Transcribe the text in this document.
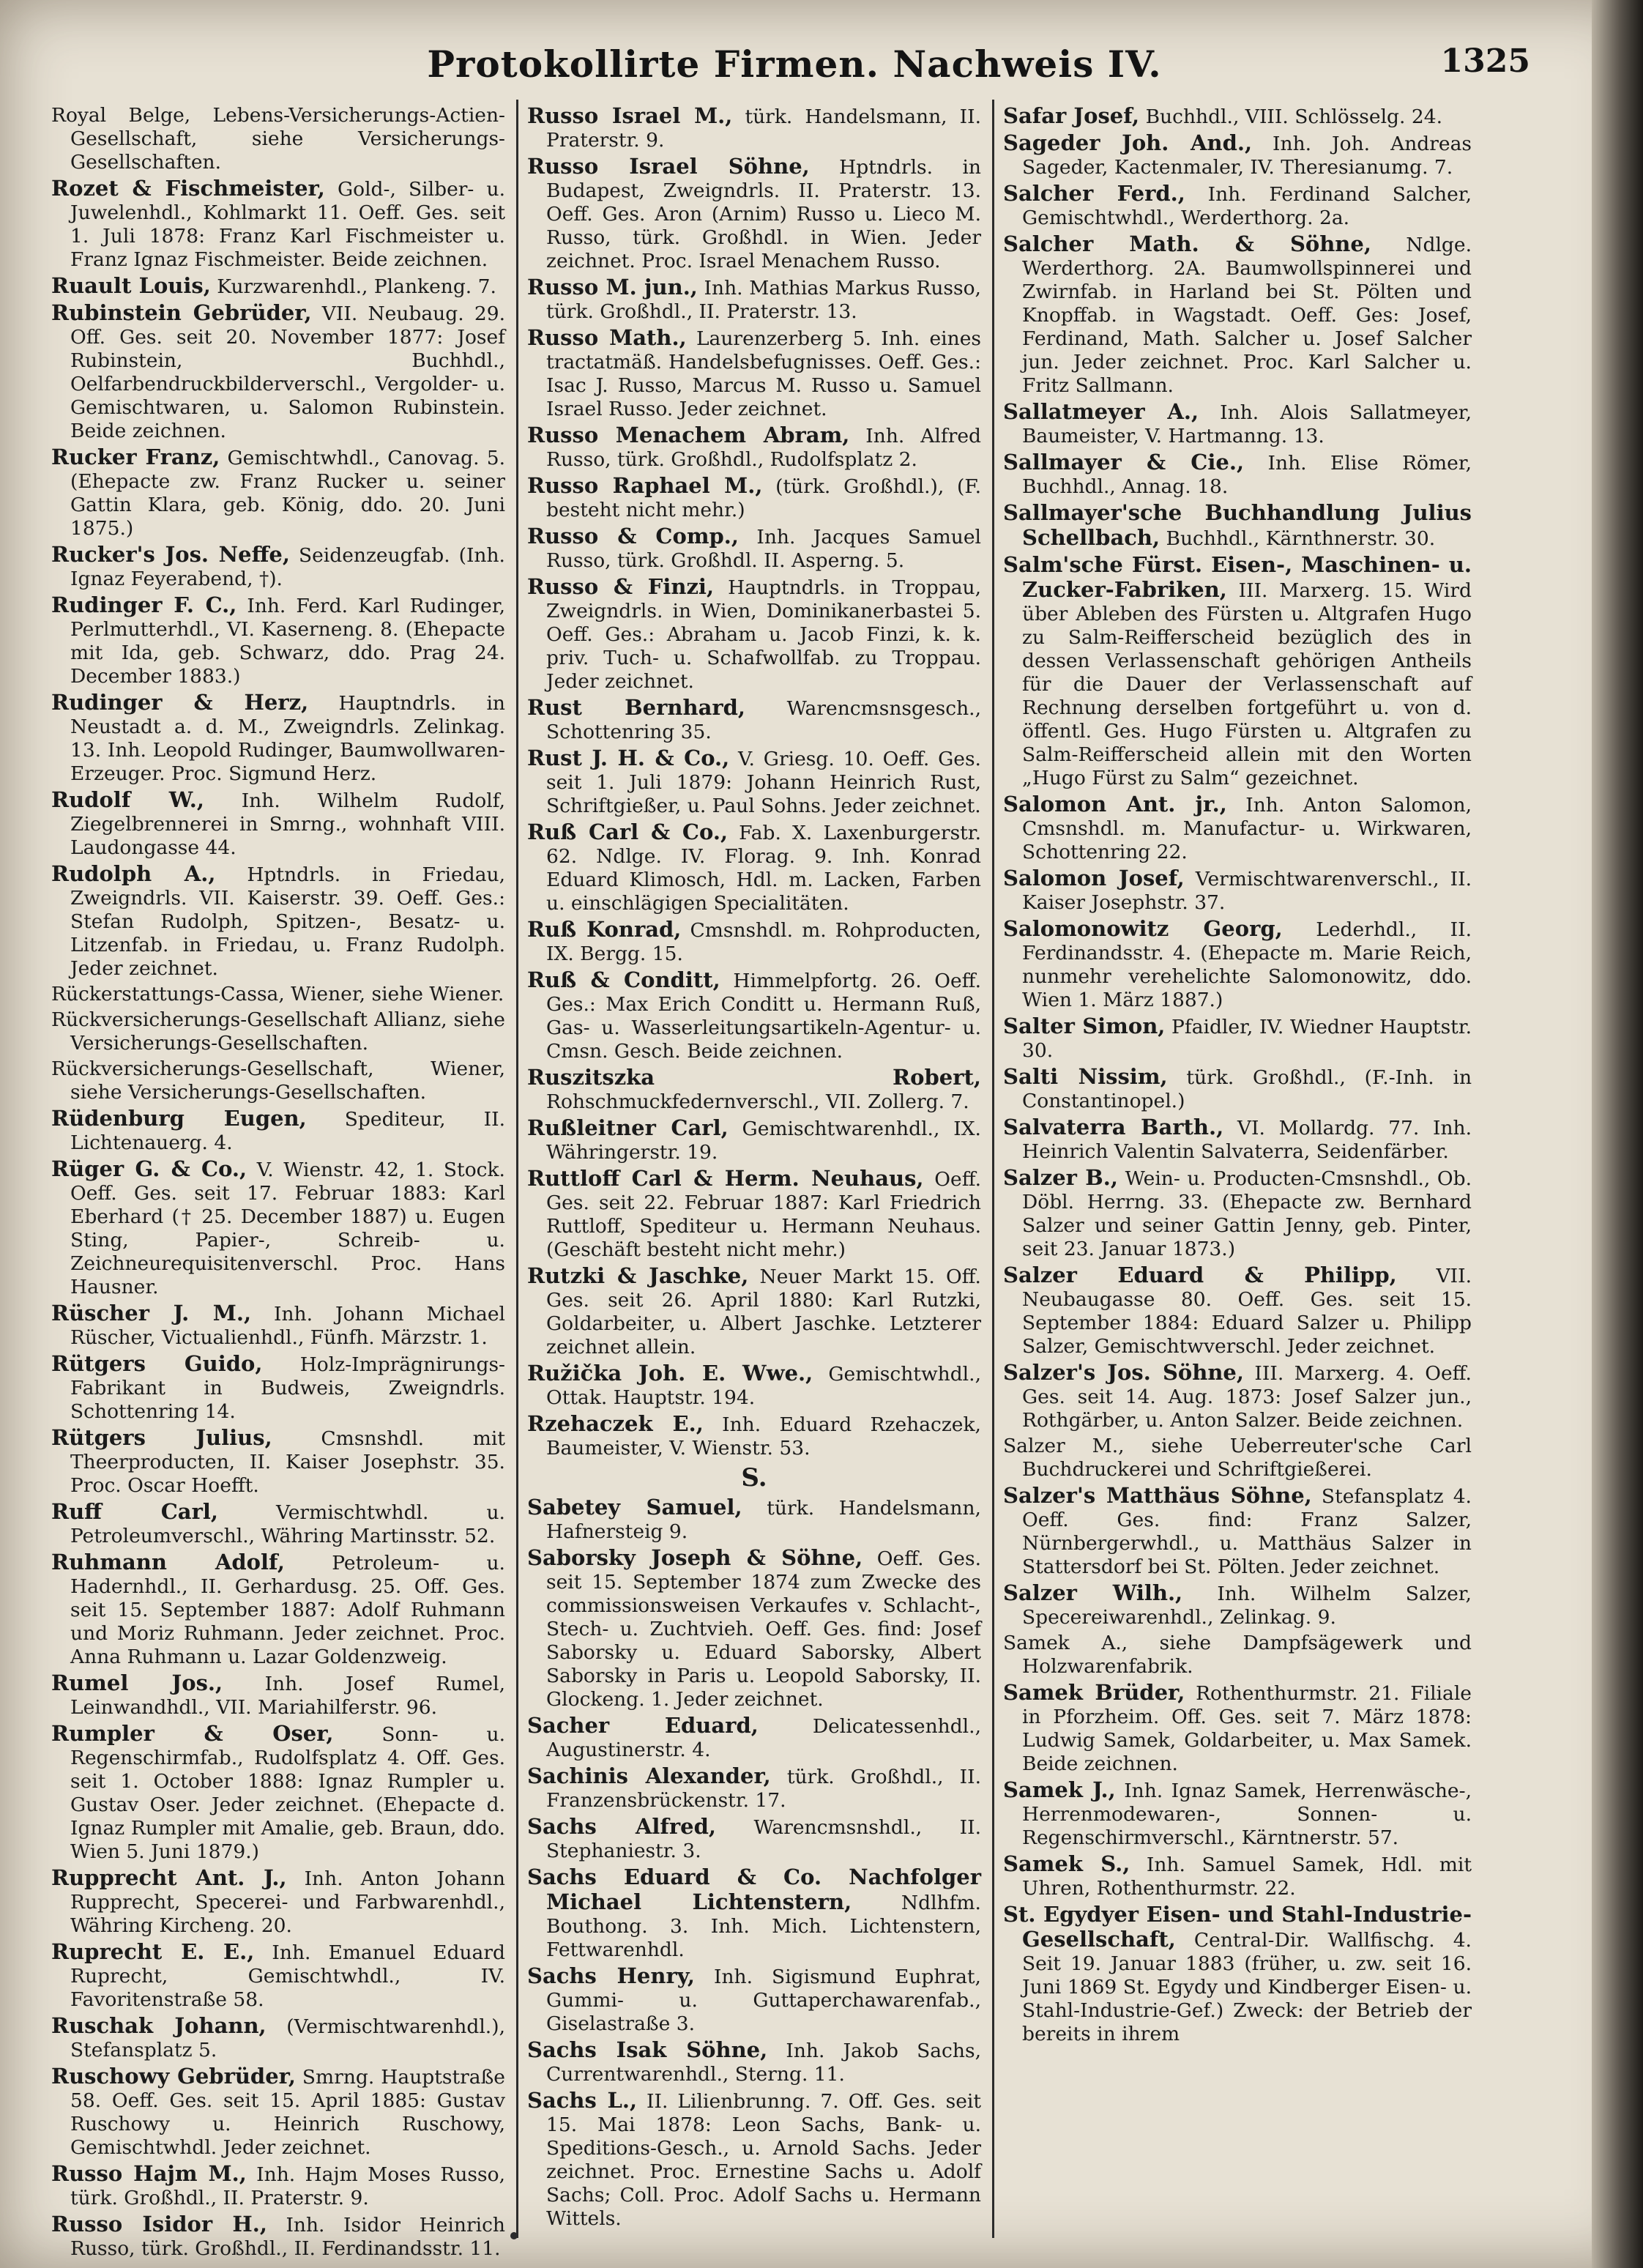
Protokollirte Firmen. Nachweis IV.	1325
Royal Belge, Lebens-Versicherungs-Actien-Gesellschaft, siehe Versicherungs-Gesellschaften.
Rozet & Fischmeister, Gold-, Silber- u. Juwelenhdl., Kohlmarkt 11. Oeff. Ges. seit 1. Juli 1878: Franz Karl Fischmeister u. Franz Ignaz Fischmeister. Beide zeichnen.
Ruault Louis, Kurzwarenhdl., Plankeng. 7.
Rubinstein Gebrüder, VII. Neubaug. 29. Off. Ges. seit 20. November 1877: Josef Rubinstein, Buchhdl., Oelfarbendruckbilderverschl., Vergolder- u. Gemischtwaren, u. Salomon Rubinstein. Beide zeichnen.
Rucker Franz, Gemischtwhdl., Canovag. 5. (Ehepacte zw. Franz Rucker u. seiner Gattin Klara, geb. König, ddo. 20. Juni 1875.)
Rucker's Jos. Neffe, Seidenzeugfab. (Inh. Ignaz Feyerabend, †).
Rudinger F. C., Inh. Ferd. Karl Rudinger, Perlmutterhdl., VI. Kaserneng. 8. (Ehepacte mit Ida, geb. Schwarz, ddo. Prag 24. December 1883.)
Rudinger & Herz, Hauptndrls. in Neustadt a. d. M., Zweigndrls. Zelinkag. 13. Inh. Leopold Rudinger, Baumwollwaren-Erzeuger. Proc. Sigmund Herz.
Rudolf W., Inh. Wilhelm Rudolf, Ziegelbrennerei in Smrng., wohnhaft VIII. Laudongasse 44.
Rudolph A., Hptndrls. in Friedau, Zweigndrls. VII. Kaiserstr. 39. Oeff. Ges.: Stefan Rudolph, Spitzen-, Besatz- u. Litzenfab. in Friedau, u. Franz Rudolph. Jeder zeichnet.
Rückerstattungs-Cassa, Wiener, siehe Wiener.
Rückversicherungs-Gesellschaft Allianz, siehe Versicherungs-Gesellschaften.
Rückversicherungs-Gesellschaft, Wiener, siehe Versicherungs-Gesellschaften.
Rüdenburg Eugen, Spediteur, II. Lichtenauerg. 4.
Rüger G. & Co., V. Wienstr. 42, 1. Stock. Oeff. Ges. seit 17. Februar 1883: Karl Eberhard († 25. December 1887) u. Eugen Sting, Papier-, Schreib- u. Zeichneurequisitenverschl. Proc. Hans Hausner.
Rüscher J. M., Inh. Johann Michael Rüscher, Victualienhdl., Fünfh. Märzstr. 1.
Rütgers Guido, Holz-Imprägnirungs-Fabrikant in Budweis, Zweigndrls. Schottenring 14.
Rütgers Julius, Cmsnshdl. mit Theerproducten, II. Kaiser Josephstr. 35. Proc. Oscar Hoefft.
Ruff Carl, Vermischtwhdl. u. Petroleumverschl., Währing Martinsstr. 52.
Ruhmann Adolf, Petroleum- u. Hadernhdl., II. Gerhardusg. 25. Off. Ges. seit 15. September 1887: Adolf Ruhmann und Moriz Ruhmann. Jeder zeichnet. Proc. Anna Ruhmann u. Lazar Goldenzweig.
Rumel Jos., Inh. Josef Rumel, Leinwandhdl., VII. Mariahilferstr. 96.
Rumpler & Oser, Sonn- u. Regenschirmfab., Rudolfsplatz 4. Off. Ges. seit 1. October 1888: Ignaz Rumpler u. Gustav Oser. Jeder zeichnet. (Ehepacte d. Ignaz Rumpler mit Amalie, geb. Braun, ddo. Wien 5. Juni 1879.)
Rupprecht Ant. J., Inh. Anton Johann Rupprecht, Specerei- und Farbwarenhdl., Währing Kircheng. 20.
Ruprecht E. E., Inh. Emanuel Eduard Ruprecht, Gemischtwhdl., IV. Favoritenstraße 58.
Ruschak Johann, (Vermischtwarenhdl.), Stefansplatz 5.
Ruschowy Gebrüder, Smrng. Hauptstraße 58. Oeff. Ges. seit 15. April 1885: Gustav Ruschowy u. Heinrich Ruschowy, Gemischtwhdl. Jeder zeichnet.
Russo Hajm M., Inh. Hajm Moses Russo, türk. Großhdl., II. Praterstr. 9.
Russo Isidor H., Inh. Isidor Heinrich Russo, türk. Großhdl., II. Ferdinandsstr. 11.
Russo Israel M., türk. Handelsmann, II. Praterstr. 9.
Russo Israel Söhne, Hptndrls. in Budapest, Zweigndrls. II. Praterstr. 13. Oeff. Ges. Aron (Arnim) Russo u. Lieco M. Russo, türk. Großhdl. in Wien. Jeder zeichnet. Proc. Israel Menachem Russo.
Russo M. jun., Inh. Mathias Markus Russo, türk. Großhdl., II. Praterstr. 13.
Russo Math., Laurenzerberg 5. Inh. eines tractatmäß. Handelsbefugnisses. Oeff. Ges.: Isac J. Russo, Marcus M. Russo u. Samuel Israel Russo. Jeder zeichnet.
Russo Menachem Abram, Inh. Alfred Russo, türk. Großhdl., Rudolfsplatz 2.
Russo Raphael M., (türk. Großhdl.), (F. besteht nicht mehr.)
Russo & Comp., Inh. Jacques Samuel Russo, türk. Großhdl. II. Asperng. 5.
Russo & Finzi, Hauptndrls. in Troppau, Zweigndrls. in Wien, Dominikanerbastei 5. Oeff. Ges.: Abraham u. Jacob Finzi, k. k. priv. Tuch- u. Schafwollfab. zu Troppau. Jeder zeichnet.
Rust Bernhard, Warencmsnsgesch., Schottenring 35.
Rust J. H. & Co., V. Griesg. 10. Oeff. Ges. seit 1. Juli 1879: Johann Heinrich Rust, Schriftgießer, u. Paul Sohns. Jeder zeichnet.
Ruß Carl & Co., Fab. X. Laxenburgerstr. 62. Ndlge. IV. Florag. 9. Inh. Konrad Eduard Klimosch, Hdl. m. Lacken, Farben u. einschlägigen Specialitäten.
Ruß Konrad, Cmsnshdl. m. Rohproducten, IX. Bergg. 15.
Ruß & Conditt, Himmelpfortg. 26. Oeff. Ges.: Max Erich Conditt u. Hermann Ruß, Gas- u. Wasserleitungsartikeln-Agentur- u. Cmsn. Gesch. Beide zeichnen.
Ruszitszka Robert, Rohschmuckfedernverschl., VII. Zollerg. 7.
Rußleitner Carl, Gemischtwarenhdl., IX. Währingerstr. 19.
Ruttloff Carl & Herm. Neuhaus, Oeff. Ges. seit 22. Februar 1887: Karl Friedrich Ruttloff, Spediteur u. Hermann Neuhaus. (Geschäft besteht nicht mehr.)
Rutzki & Jaschke, Neuer Markt 15. Off. Ges. seit 26. April 1880: Karl Rutzki, Goldarbeiter, u. Albert Jaschke. Letzterer zeichnet allein.
Ružička Joh. E. Wwe., Gemischtwhdl., Ottak. Hauptstr. 194.
Rzehaczek E., Inh. Eduard Rzehaczek, Baumeister, V. Wienstr. 53.
S.
Sabetey Samuel, türk. Handelsmann, Hafnersteig 9.
Saborsky Joseph & Söhne, Oeff. Ges. seit 15. September 1874 zum Zwecke des commissionsweisen Verkaufes v. Schlacht-, Stech- u. Zuchtvieh. Oeff. Ges. find: Josef Saborsky u. Eduard Saborsky, Albert Saborsky in Paris u. Leopold Saborsky, II. Glockeng. 1. Jeder zeichnet.
Sacher Eduard, Delicatessenhdl., Augustinerstr. 4.
Sachinis Alexander, türk. Großhdl., II. Franzensbrückenstr. 17.
Sachs Alfred, Warencmsnshdl., II. Stephaniestr. 3.
Sachs Eduard & Co. Nachfolger Michael Lichtenstern, Ndlhfm. Bouthong. 3. Inh. Mich. Lichtenstern, Fettwarenhdl.
Sachs Henry, Inh. Sigismund Euphrat, Gummi- u. Guttaperchawarenfab., Giselastraße 3.
Sachs Isak Söhne, Inh. Jakob Sachs, Currentwarenhdl., Sterng. 11.
Sachs L., II. Lilienbrunng. 7. Off. Ges. seit 15. Mai 1878: Leon Sachs, Bank- u. Speditions-Gesch., u. Arnold Sachs. Jeder zeichnet. Proc. Ernestine Sachs u. Adolf Sachs; Coll. Proc. Adolf Sachs u. Hermann Wittels.
Safar Josef, Buchhdl., VIII. Schlösselg. 24.
Sageder Joh. And., Inh. Joh. Andreas Sageder, Kactenmaler, IV. Theresianumg. 7.
Salcher Ferd., Inh. Ferdinand Salcher, Gemischtwhdl., Werderthorg. 2a.
Salcher Math. & Söhne, Ndlge. Werderthorg. 2A. Baumwollspinnerei und Zwirnfab. in Harland bei St. Pölten und Knopffab. in Wagstadt. Oeff. Ges: Josef, Ferdinand, Math. Salcher u. Josef Salcher jun. Jeder zeichnet. Proc. Karl Salcher u. Fritz Sallmann.
Sallatmeyer A., Inh. Alois Sallatmeyer, Baumeister, V. Hartmanng. 13.
Sallmayer & Cie., Inh. Elise Römer, Buchhdl., Annag. 18.
Sallmayer'sche Buchhandlung Julius Schellbach, Buchhdl., Kärnthnerstr. 30.
Salm'sche Fürst. Eisen-, Maschinen- u. Zucker-Fabriken, III. Marxerg. 15. Wird über Ableben des Fürsten u. Altgrafen Hugo zu Salm-Reifferscheid bezüglich des in dessen Verlassenschaft gehörigen Antheils für die Dauer der Verlassenschaft auf Rechnung derselben fortgeführt u. von d. öffentl. Ges. Hugo Fürsten u. Altgrafen zu Salm-Reifferscheid allein mit den Worten „Hugo Fürst zu Salm“ gezeichnet.
Salomon Ant. jr., Inh. Anton Salomon, Cmsnshdl. m. Manufactur- u. Wirkwaren, Schottenring 22.
Salomon Josef, Vermischtwarenverschl., II. Kaiser Josephstr. 37.
Salomonowitz Georg, Lederhdl., II. Ferdinandsstr. 4. (Ehepacte m. Marie Reich, nunmehr verehelichte Salomonowitz, ddo. Wien 1. März 1887.)
Salter Simon, Pfaidler, IV. Wiedner Hauptstr. 30.
Salti Nissim, türk. Großhdl., (F.-Inh. in Constantinopel.)
Salvaterra Barth., VI. Mollardg. 77. Inh. Heinrich Valentin Salvaterra, Seidenfärber.
Salzer B., Wein- u. Producten-Cmsnshdl., Ob. Döbl. Herrng. 33. (Ehepacte zw. Bernhard Salzer und seiner Gattin Jenny, geb. Pinter, seit 23. Januar 1873.)
Salzer Eduard & Philipp, VII. Neubaugasse 80. Oeff. Ges. seit 15. September 1884: Eduard Salzer u. Philipp Salzer, Gemischtwverschl. Jeder zeichnet.
Salzer's Jos. Söhne, III. Marxerg. 4. Oeff. Ges. seit 14. Aug. 1873: Josef Salzer jun., Rothgärber, u. Anton Salzer. Beide zeichnen.
Salzer M., siehe Ueberreuter'sche Carl Buchdruckerei und Schriftgießerei.
Salzer's Matthäus Söhne, Stefansplatz 4. Oeff. Ges. find: Franz Salzer, Nürnbergerwhdl., u. Matthäus Salzer in Stattersdorf bei St. Pölten. Jeder zeichnet.
Salzer Wilh., Inh. Wilhelm Salzer, Specereiwarenhdl., Zelinkag. 9.
Samek A., siehe Dampfsägewerk und Holzwarenfabrik.
Samek Brüder, Rothenthurmstr. 21. Filiale in Pforzheim. Off. Ges. seit 7. März 1878: Ludwig Samek, Goldarbeiter, u. Max Samek. Beide zeichnen.
Samek J., Inh. Ignaz Samek, Herrenwäsche-, Herrenmodewaren-, Sonnen- u. Regenschirmverschl., Kärntnerstr. 57.
Samek S., Inh. Samuel Samek, Hdl. mit Uhren, Rothenthurmstr. 22.
St. Egydyer Eisen- und Stahl-Industrie-Gesellschaft, Central-Dir. Wallfischg. 4. Seit 19. Januar 1883 (früher, u. zw. seit 16. Juni 1869 St. Egydy und Kindberger Eisen- u. Stahl-Industrie-Gef.) Zweck: der Betrieb der bereits in ihrem
